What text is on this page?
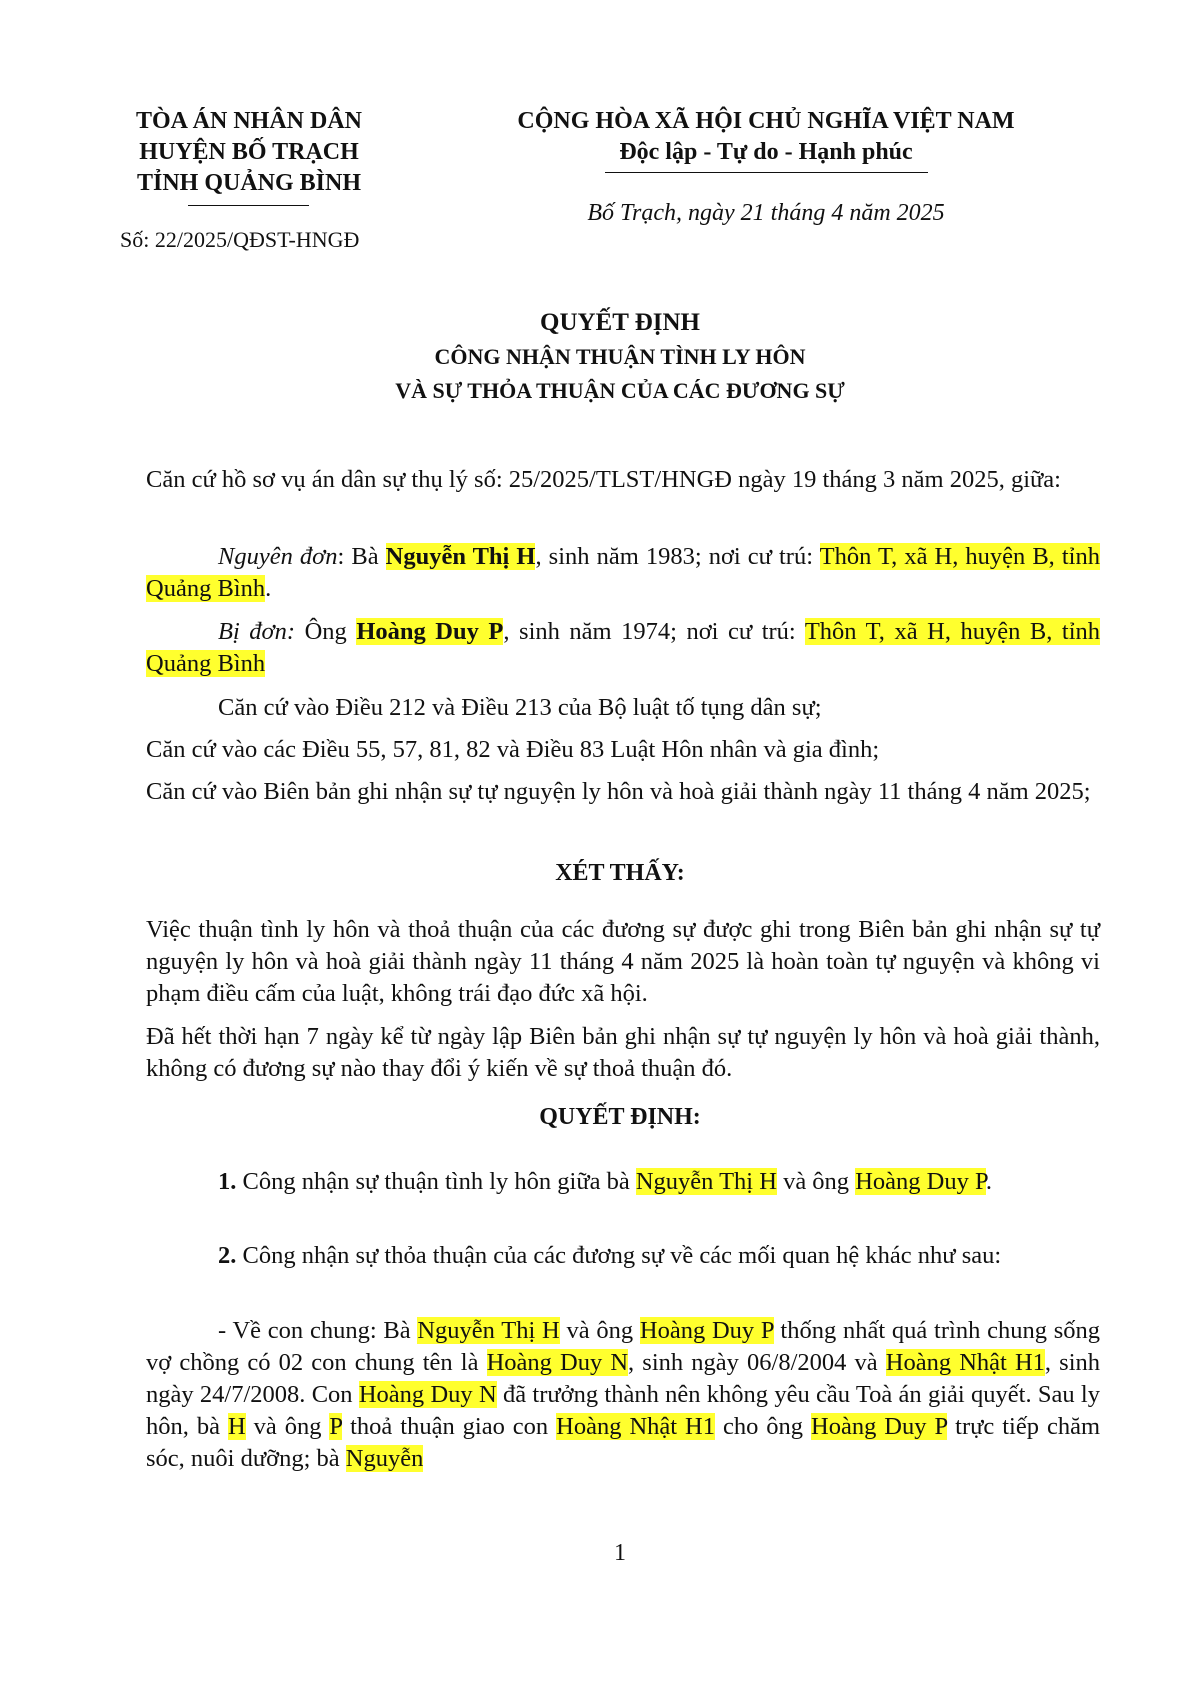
TÒA ÁN NHÂN DÂN
HUYỆN BỐ TRẠCH
TỈNH QUẢNG BÌNH
Số: 22/2025/QĐST-HNGĐ
CỘNG HÒA XÃ HỘI CHỦ NGHĨA VIỆT NAM
Độc lập - Tự do - Hạnh phúc
Bố Trạch, ngày 21 tháng 4 năm 2025
QUYẾT ĐỊNH
CÔNG NHẬN THUẬN TÌNH LY HÔN
VÀ SỰ THỎA THUẬN CỦA CÁC ĐƯƠNG SỰ
Căn cứ hồ sơ vụ án dân sự thụ lý số: 25/2025/TLST/HNGĐ ngày 19 tháng 3 năm 2025, giữa:
Nguyên đơn: Bà Nguyễn Thị H, sinh năm 1983; nơi cư trú: Thôn T, xã H, huyện B, tỉnh Quảng Bình.
Bị đơn: Ông Hoàng Duy P, sinh năm 1974; nơi cư trú: Thôn T, xã H, huyện B, tỉnh Quảng Bình
Căn cứ vào Điều 212 và Điều 213 của Bộ luật tố tụng dân sự;
Căn cứ vào các Điều 55, 57, 81, 82 và Điều 83 Luật Hôn nhân và gia đình;
Căn cứ vào Biên bản ghi nhận sự tự nguyện ly hôn và hoà giải thành ngày 11 tháng 4 năm 2025;
XÉT THẤY:
Việc thuận tình ly hôn và thoả thuận của các đương sự được ghi trong Biên bản ghi nhận sự tự nguyện ly hôn và hoà giải thành ngày 11 tháng 4 năm 2025 là hoàn toàn tự nguyện và không vi phạm điều cấm của luật, không trái đạo đức xã hội.
Đã hết thời hạn 7 ngày kể từ ngày lập Biên bản ghi nhận sự tự nguyện ly hôn và hoà giải thành, không có đương sự nào thay đổi ý kiến về sự thoả thuận đó.
QUYẾT ĐỊNH:
1. Công nhận sự thuận tình ly hôn giữa bà Nguyễn Thị H và ông Hoàng Duy P.
2. Công nhận sự thỏa thuận của các đương sự về các mối quan hệ khác như sau:
- Về con chung: Bà Nguyễn Thị H và ông Hoàng Duy P thống nhất quá trình chung sống vợ chồng có 02 con chung tên là Hoàng Duy N, sinh ngày 06/8/2004 và Hoàng Nhật H1, sinh ngày 24/7/2008. Con Hoàng Duy N đã trưởng thành nên không yêu cầu Toà án giải quyết. Sau ly hôn, bà H và ông P thoả thuận giao con Hoàng Nhật H1 cho ông Hoàng Duy P trực tiếp chăm sóc, nuôi dưỡng; bà Nguyễn
1
